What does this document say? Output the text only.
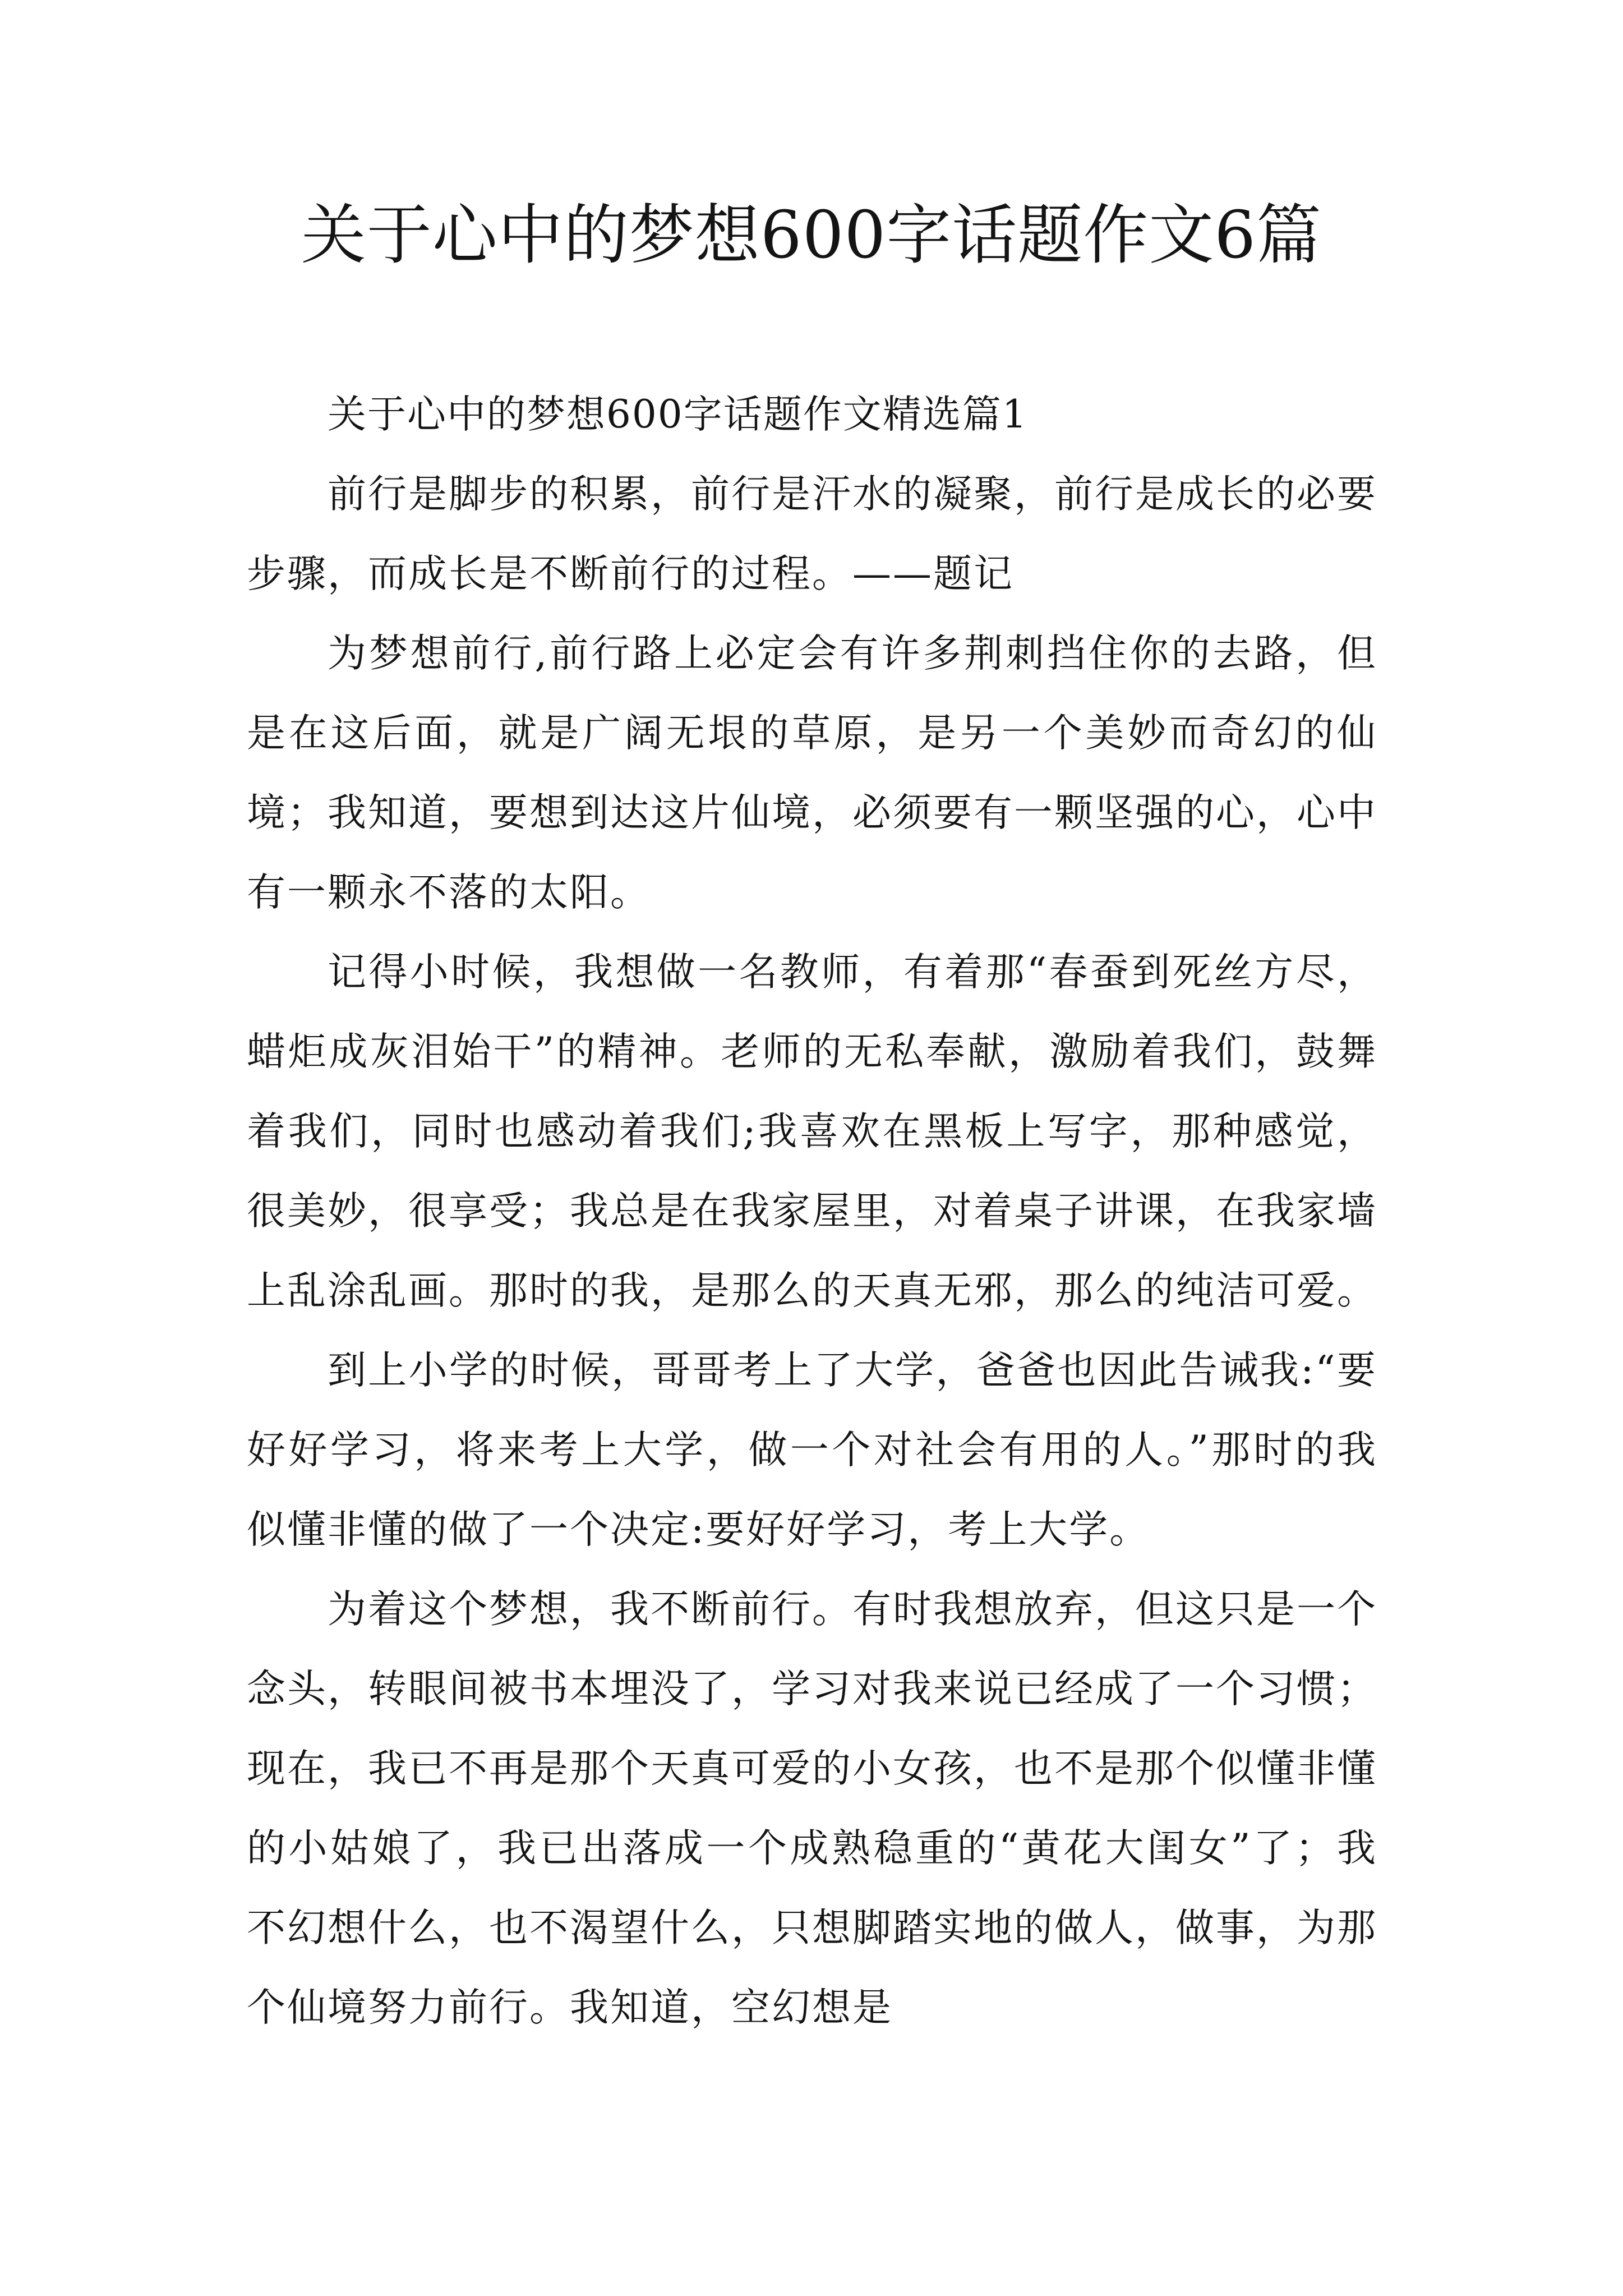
关于心中的梦想600字话题作文6篇

关于心中的梦想600字话题作文精选篇1

前行是脚步的积累，前行是汗水的凝聚，前行是成长的必要步骤，而成长是不断前行的过程。——题记

为梦想前行,前行路上必定会有许多荆刺挡住你的去路，但是在这后面，就是广阔无垠的草原，是另一个美妙而奇幻的仙境；我知道，要想到达这片仙境，必须要有一颗坚强的心，心中有一颗永不落的太阳。

记得小时候，我想做一名教师，有着那“春蚕到死丝方尽，蜡炬成灰泪始干”的精神。老师的无私奉献，激励着我们，鼓舞着我们，同时也感动着我们;我喜欢在黑板上写字，那种感觉，很美妙，很享受；我总是在我家屋里，对着桌子讲课，在我家墙上乱涂乱画。那时的我，是那么的天真无邪，那么的纯洁可爱。

到上小学的时候，哥哥考上了大学，爸爸也因此告诫我:“要好好学习，将来考上大学，做一个对社会有用的人。”那时的我似懂非懂的做了一个决定:要好好学习，考上大学。

为着这个梦想，我不断前行。有时我想放弃，但这只是一个念头，转眼间被书本埋没了，学习对我来说已经成了一个习惯；现在，我已不再是那个天真可爱的小女孩，也不是那个似懂非懂的小姑娘了，我已出落成一个成熟稳重的“黄花大闺女”了；我不幻想什么，也不渴望什么，只想脚踏实地的做人，做事，为那个仙境努力前行。我知道，空幻想是
